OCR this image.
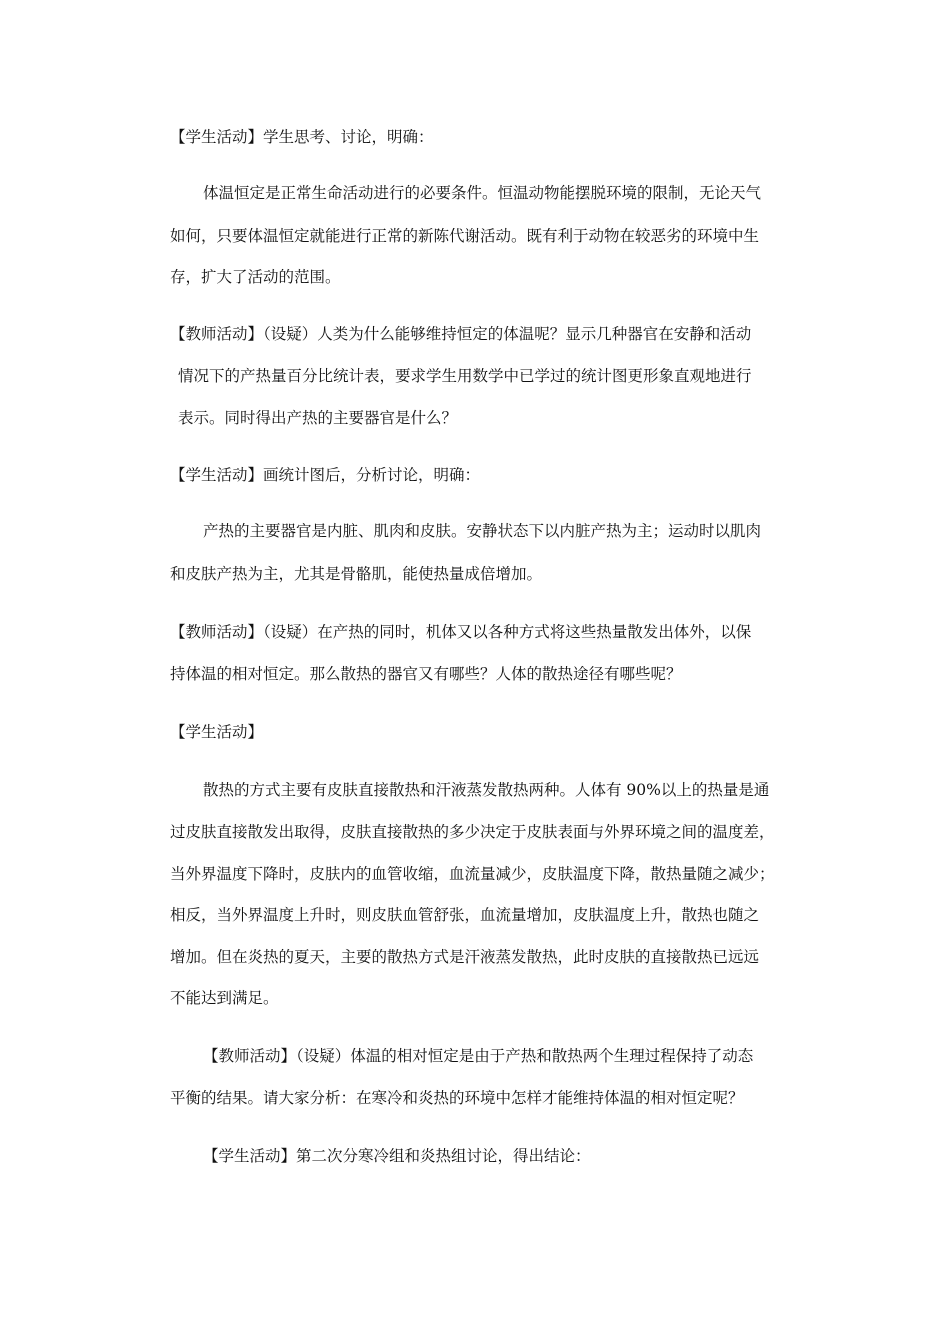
【学生活动】学生思考、讨论，明确：
体温恒定是正常生命活动进行的必要条件。恒温动物能摆脱环境的限制，无论天气
如何，只要体温恒定就能进行正常的新陈代谢活动。既有利于动物在较恶劣的环境中生
存，扩大了活动的范围。
【教师活动】（设疑）人类为什么能够维持恒定的体温呢？显示几种器官在安静和活动
情况下的产热量百分比统计表，要求学生用数学中已学过的统计图更形象直观地进行
表示。同时得出产热的主要器官是什么？
【学生活动】画统计图后，分析讨论，明确：
产热的主要器官是内脏、肌肉和皮肤。安静状态下以内脏产热为主；运动时以肌肉
和皮肤产热为主，尤其是骨骼肌，能使热量成倍增加。
【教师活动】（设疑）在产热的同时，机体又以各种方式将这些热量散发出体外，以保
持体温的相对恒定。那么散热的器官又有哪些？人体的散热途径有哪些呢？
【学生活动】
散热的方式主要有皮肤直接散热和汗液蒸发散热两种。人体有 90%以上的热量是通
过皮肤直接散发出取得，皮肤直接散热的多少决定于皮肤表面与外界环境之间的温度差，
当外界温度下降时，皮肤内的血管收缩，血流量减少，皮肤温度下降，散热量随之减少；
相反，当外界温度上升时，则皮肤血管舒张，血流量增加，皮肤温度上升，散热也随之
增加。但在炎热的夏天，主要的散热方式是汗液蒸发散热，此时皮肤的直接散热已远远
不能达到满足。
【教师活动】（设疑）体温的相对恒定是由于产热和散热两个生理过程保持了动态
平衡的结果。请大家分析：在寒冷和炎热的环境中怎样才能维持体温的相对恒定呢？
【学生活动】第二次分寒冷组和炎热组讨论，得出结论：
